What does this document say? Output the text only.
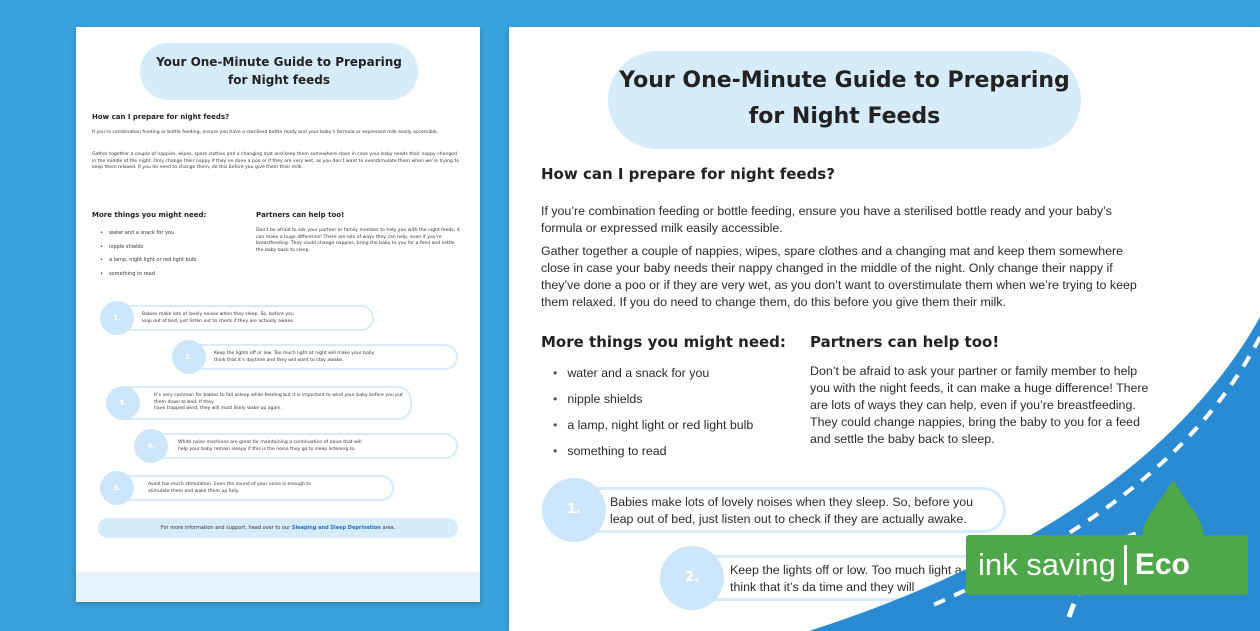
Your One-Minute Guide to Preparing
for Night feeds
How can I prepare for night feeds?
If you’re combination feeding or bottle feeding, ensure you have a sterilised bottle ready and your baby’s formula or expressed milk easily accessible.
Gather together a couple of nappies, wipes, spare clothes and a changing mat and keep them somewhere close in case your baby needs their nappy changed in the middle of the night. Only change their nappy if they’ve done a poo or if they are very wet, as you don’t want to overstimulate them when we’re trying to keep them relaxed. If you do need to change them, do this before you give them their milk.
More things you might need:
• water and a snack for you
• nipple shields
• a lamp, night light or red light bulb
• something to read
Partners can help too!
Don’t be afraid to ask your partner or family member to help you with the night feeds, it can make a huge difference! There are lots of ways they can help, even if you’re breastfeeding. They could change nappies, bring the baby to you for a feed and settle the baby back to sleep.
1.	Babies make lots of lovely noises when they sleep. So, before you
leap out of bed, just listen out to check if they are actually awake.
2.	Keep the lights off or low. Too much light at night will make your baby
think that it’s daytime and they will want to stay awake.
3.
It’s very common for babies to fall asleep while feeding but it is important to wind your baby before you put them down to bed. If they
have trapped wind, they will most likely wake up again.
4.	White noise machines are great for maintaining a continuation of noise that will
help your baby remain sleepy if this is the noise they go to sleep listening to.
5.	Avoid too much stimulation. Even the sound of your voice is enough to
stimulate them and wake them up fully.
For more information and support, head over to our Sleeping and Sleep Deprivation area.
Your One-Minute Guide to Preparing
for Night Feeds
How can I prepare for night feeds?
If you’re combination feeding or bottle feeding, ensure you have a sterilised bottle ready and your baby’s
formula or expressed milk easily accessible.
Gather together a couple of nappies, wipes, spare clothes and a changing mat and keep them somewhere
close in case your baby needs their nappy changed in the middle of the night. Only change their nappy if
they’ve done a poo or if they are very wet, as you don’t want to overstimulate them when we’re trying to keep
them relaxed. If you do need to change them, do this before you give them their milk.
More things you might need:
• water and a snack for you
• nipple shields
• a lamp, night light or red light bulb
• something to read
Partners can help too!
Don’t be afraid to ask your partner or family member to help
you with the night feeds, it can make a huge difference! There
are lots of ways they can help, even if you’re breastfeeding.
They could change nappies, bring the baby to you for a feed
and settle the baby back to sleep.
1.	Babies make lots of lovely noises when they sleep. So, before you
leap out of bed, just listen out to check if they are actually awake.
2.	Keep the lights off or low. Too much light a
think that it’s da time and they will
ink saving Eco
